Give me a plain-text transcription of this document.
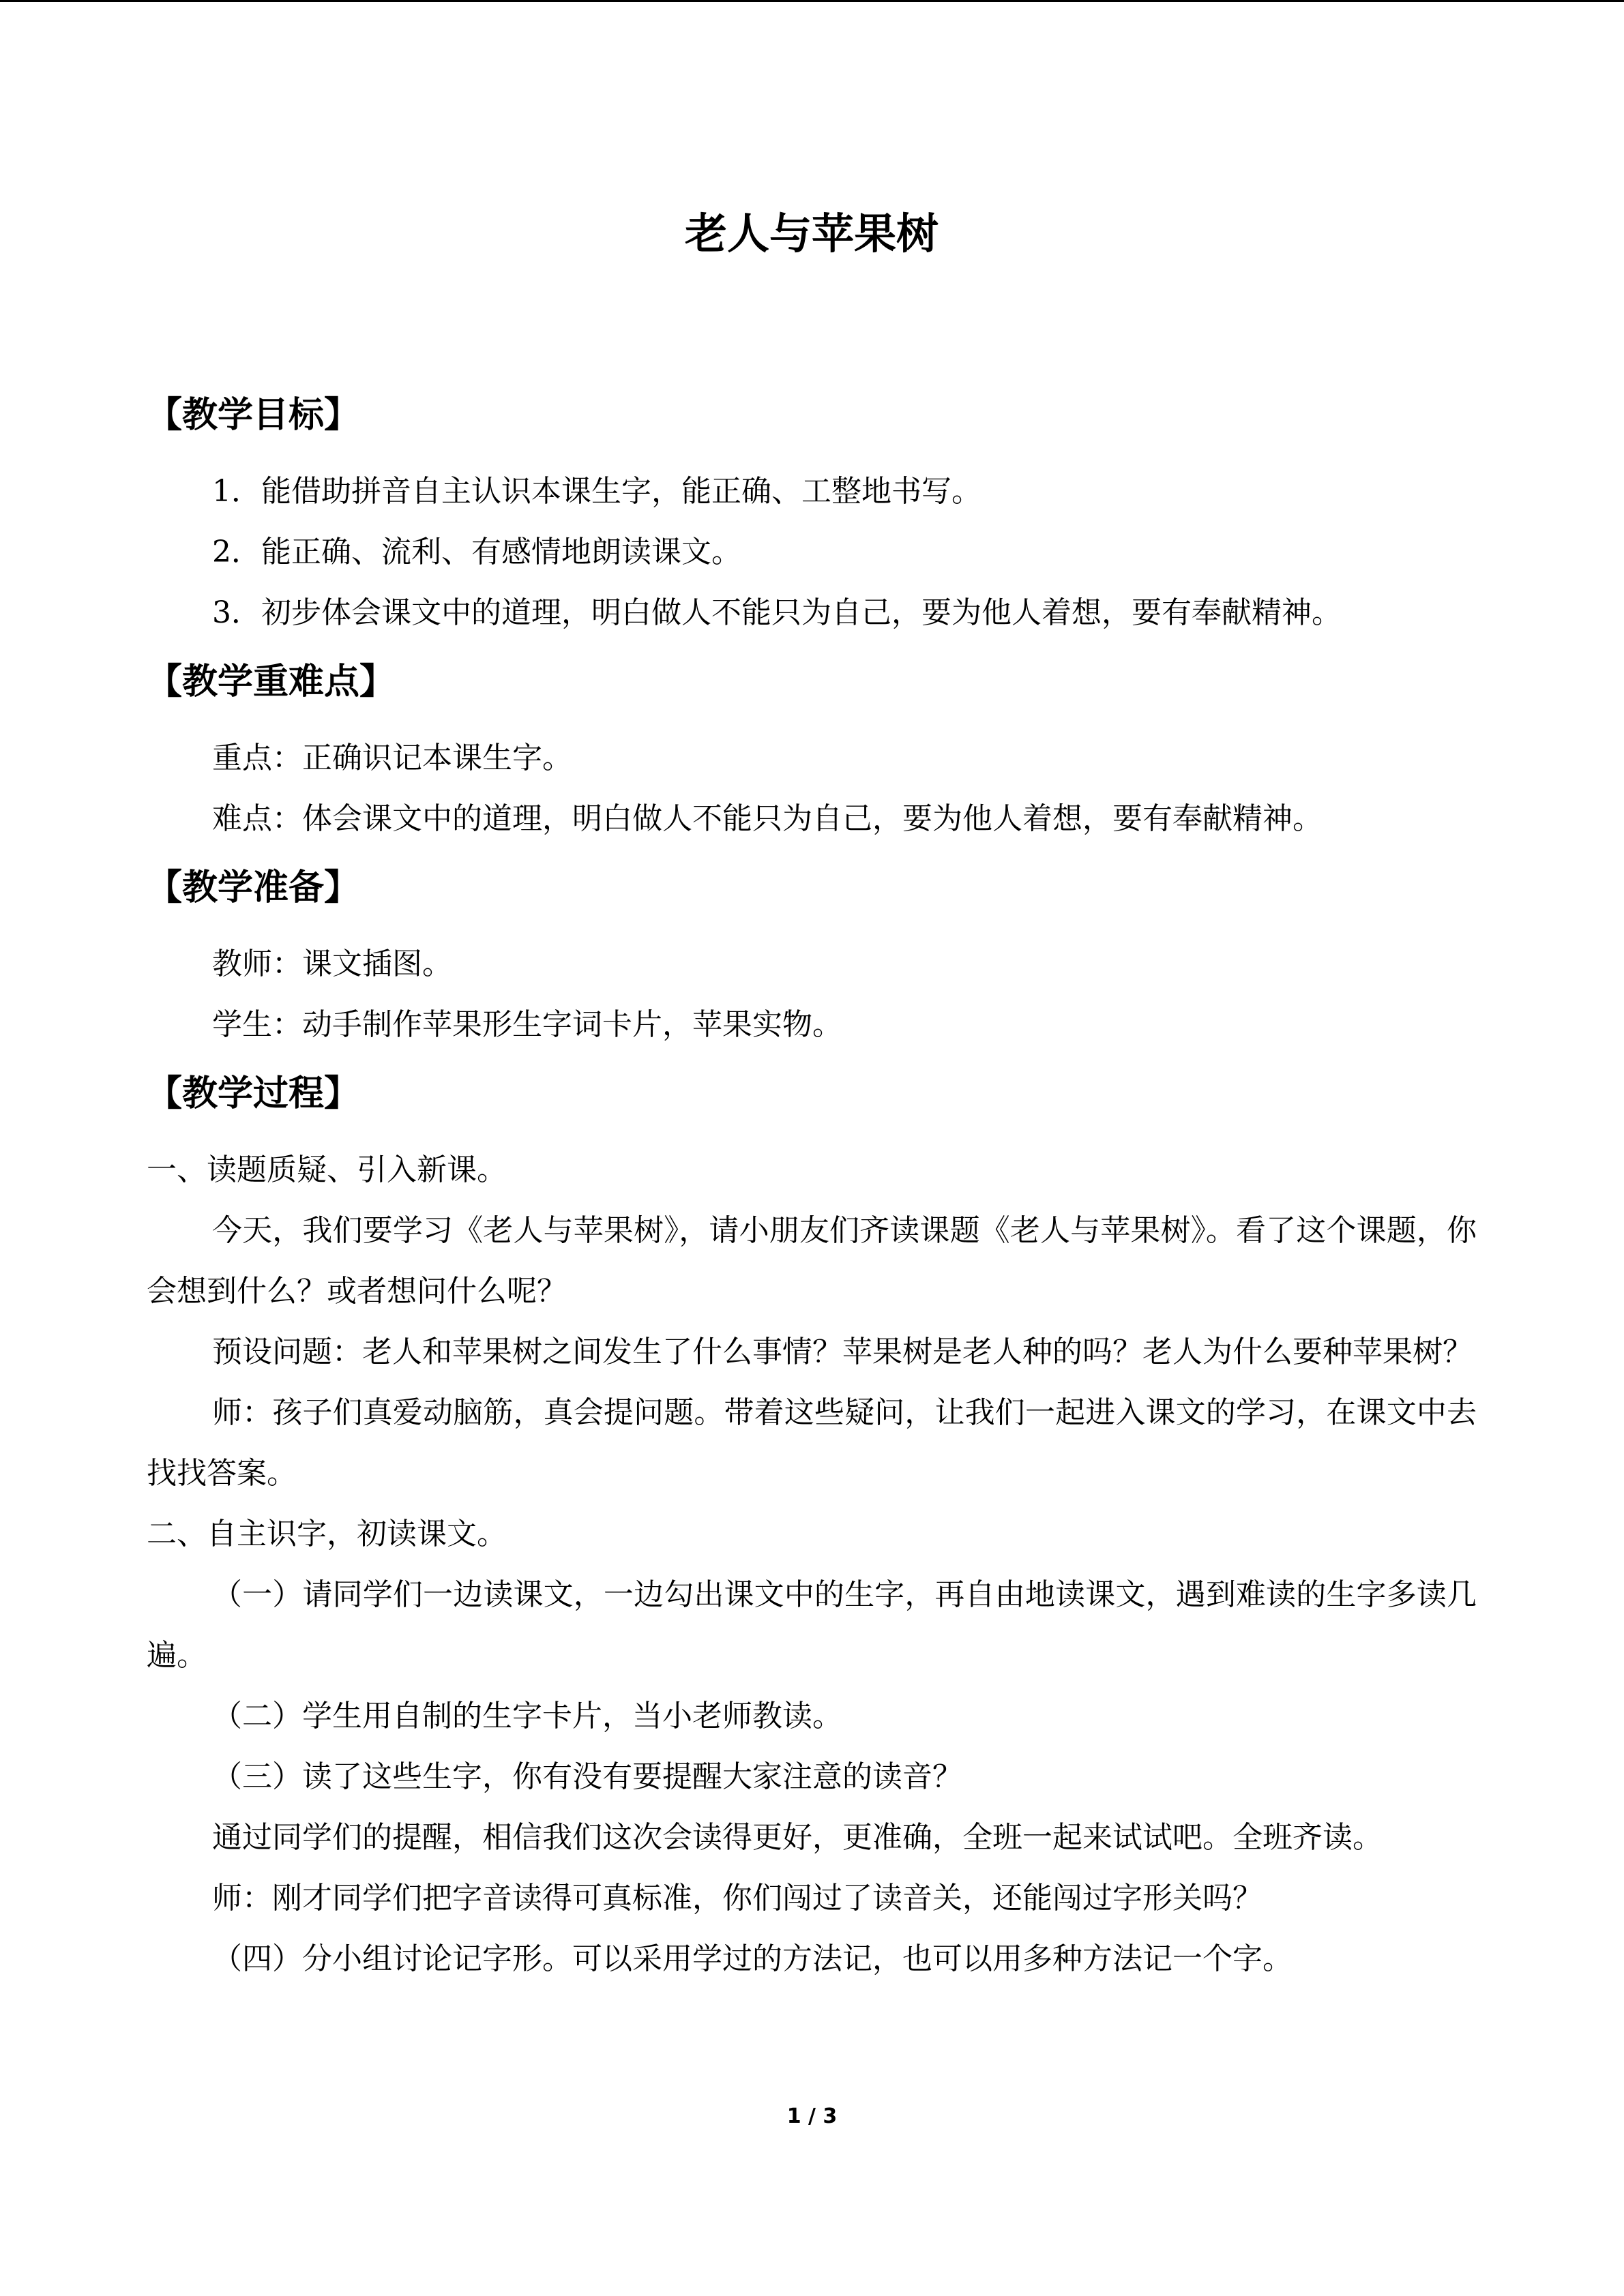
老人与苹果树
【教学目标】

1．能借助拼音自主认识本课生字，能正确、工整地书写。

2．能正确、流利、有感情地朗读课文。

3．初步体会课文中的道理，明白做人不能只为自己，要为他人着想，要有奉献精神。

【教学重难点】

重点：正确识记本课生字。

难点：体会课文中的道理，明白做人不能只为自己，要为他人着想，要有奉献精神。

【教学准备】

教师：课文插图。

学生：动手制作苹果形生字词卡片，苹果实物。

【教学过程】

一、读题质疑、引入新课。

今天，我们要学习《老人与苹果树》，请小朋友们齐读课题《老人与苹果树》。看了这个课题，你会想到什么？或者想问什么呢？

预设问题：老人和苹果树之间发生了什么事情？苹果树是老人种的吗？老人为什么要种苹果树？

师：孩子们真爱动脑筋，真会提问题。带着这些疑问，让我们一起进入课文的学习，在课文中去找找答案。

二、自主识字，初读课文。

（一）请同学们一边读课文，一边勾出课文中的生字，再自由地读课文，遇到难读的生字多读几遍。

（二）学生用自制的生字卡片，当小老师教读。

（三）读了这些生字，你有没有要提醒大家注意的读音？

通过同学们的提醒，相信我们这次会读得更好，更准确，全班一起来试试吧。全班齐读。

师：刚才同学们把字音读得可真标准，你们闯过了读音关，还能闯过字形关吗？

（四）分小组讨论记字形。可以采用学过的方法记，也可以用多种方法记一个字。

1 / 3
